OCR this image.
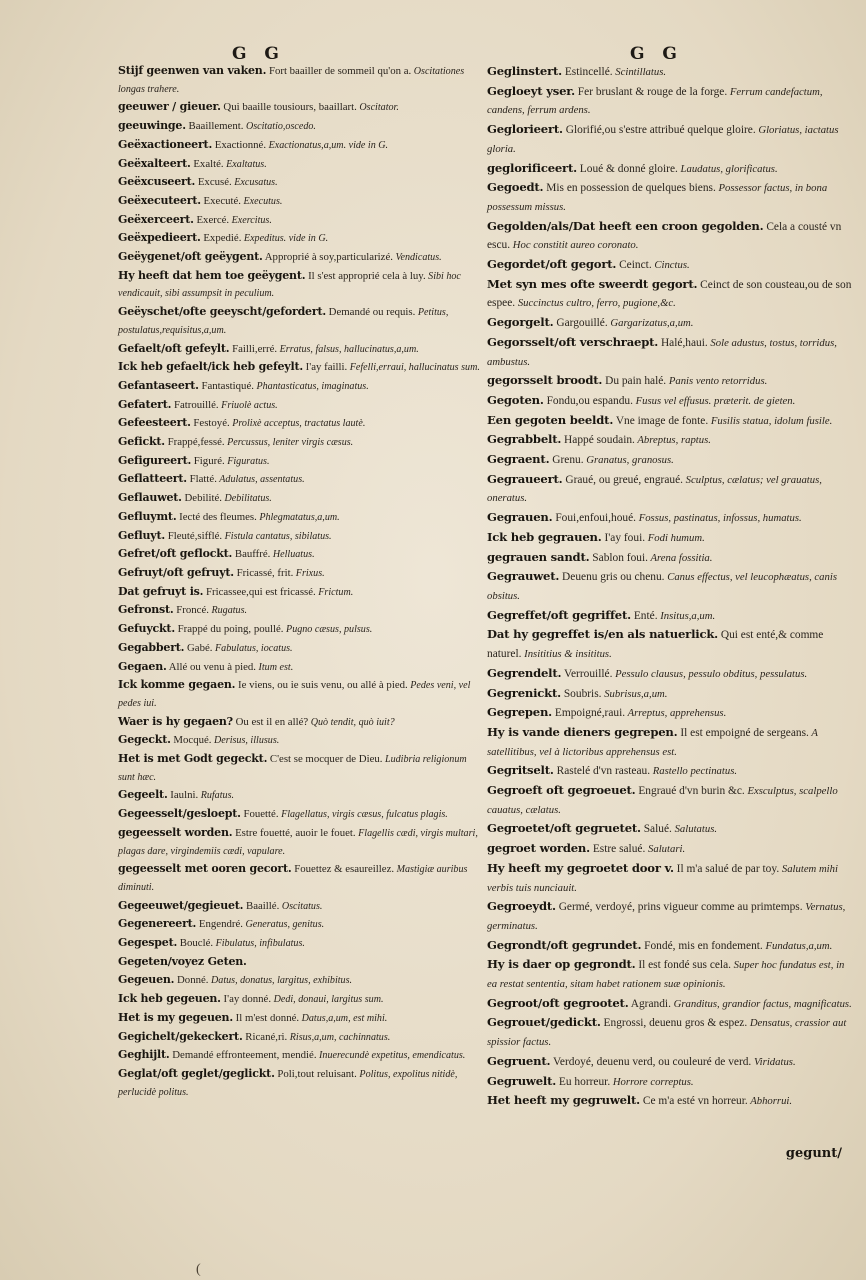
G G	G G
Stijf geenwen van vaken. Fort baailler de sommeil qu'on a. Oscitationes longas trahere.
geeuwer / gieuer. Qui baaille tousiours, baaillart. Oscitator.
geeuwinge. Baaillement. Oscitatio,oscedo.
Geëxactioneert. Exactionné. Exactionatus,a,um. vide in G.
Geëxalteert. Exalté. Exaltatus.
Geëxcuseert. Excusé. Excusatus.
Geëxecuteert. Executé. Executus.
Geëxerceert. Exercé. Exercitus.
Geëxpedieert. Expedié. Expeditus. vide in G.
Geëygenet/oft geëygent. Approprié à soy,particularizé. Vendicatus.
Hy heeft dat hem toe geëygent. Il s'est approprié cela à luy. Sibi hoc vendicauit, sibi assumpsit in peculium.
Geëyschet/ofte geeyscht/gefordert. Demandé ou requis. Petitus, postulatus,requisitus,a,um.
Gefaelt/oft gefeylt. Failli,erré. Erratus, falsus, hallucinatus,a,um.
Ick heb gefaelt/ick heb gefeylt. I'ay failli. Fefelli,erraui, hallucinatus sum.
Gefantaseert. Fantastiqué. Phantasticatus, imaginatus.
Gefatert. Fatrouillé. Friuolè actus.
Gefeesteert. Festoyé. Prolixè acceptus, tractatus lautè.
Gefickt. Frappé,fessé. Percussus, leniter virgis cæsus.
Gefigureert. Figuré. Figuratus.
Geflatteert. Flatté. Adulatus, assentatus.
Geflauwet. Debilité. Debilitatus.
Gefluymt. Iecté des fleumes. Phlegmatatus,a,um.
Gefluyt. Fleuté,sifflé. Fistula cantatus, sibilatus.
Gefret/oft geflockt. Bauffré. Helluatus.
Gefruyt/oft gefruyt. Fricassé, frit. Frixus.
Dat gefruyt is. Fricassee,qui est fricassé. Frictum.
Gefronst. Froncé. Rugatus.
Gefuyckt. Frappé du poing, poullé. Pugno cæsus, pulsus.
Gegabbert. Gabé. Fabulatus, iocatus.
Gegaen. Allé ou venu à pied. Itum est.
Ick komme gegaen. Ie viens, ou ie suis venu, ou allé à pied. Pedes veni, vel pedes iui.
Waer is hy gegaen? Ou est il en allé? Quò tendit, quò iuit?
Gegeckt. Mocqué. Derisus, illusus.
Het is met Godt gegeckt. C'est se mocquer de Dieu. Ludibria religionum sunt hæc.
Gegeelt. Iaulni. Rufatus.
Gegeesselt/gesloept. Fouetté. Flagellatus, virgis cæsus, fulcatus plagis.
gegeesselt worden. Estre fouetté, auoir le fouet. Flagellis cædi, virgis multari, plagas dare, virgindemiis cædi, vapulare.
gegeesselt met ooren gecort. Fouettez & esaureillez. Mastigiæ auribus diminuti.
Gegeeuwet/gegieuet. Baaillé. Oscitatus.
Gegenereert. Engendré. Generatus, genitus.
Gegespet. Bouclé. Fibulatus, infibulatus.
Gegeten/voyez Geten.
Gegeuen. Donné. Datus, donatus, largitus, exhibitus.
Ick heb gegeuen. I'ay donné. Dedi, donaui, largitus sum.
Het is my gegeuen. Il m'est donné. Datus,a,um, est mihi.
Gegichelt/gekeckert. Ricané,ri. Risus,a,um, cachinnatus.
Geghijlt. Demandé effronteement, mendié. Inuerecundè expetitus, emendicatus.
Geglat/oft geglet/geglickt. Poli,tout reluisant. Politus, expolitus nitidè, perlucidè politus.
Geglinstert. Estincellé. Scintillatus.
Gegloeyt yser. Fer bruslant & rouge de la forge. Ferrum candefactum, candens, ferrum ardens.
Geglorieert. Glorifié,ou s'estre attribué quelque gloire. Gloriatus, iactatus gloria.
geglorificeert. Loué & donné gloire. Laudatus, glorificatus.
Gegoedt. Mis en possession de quelques biens. Possessor factus, in bona possessum missus.
Gegolden/als/Dat heeft een croon gegolden. Cela a cousté vn escu. Hoc constitit aureo coronato.
Gegordet/oft gegort. Ceinct. Cinctus.
Met syn mes ofte sweerdt gegort. Ceinct de son cousteau,ou de son espee. Succinctus cultro, ferro, pugione,&c.
Gegorgelt. Gargouillé. Gargarizatus,a,um.
Gegorsselt/oft verschraept. Halé,haui. Sole adustus, tostus, torridus, ambustus.
gegorsselt broodt. Du pain halé. Panis vento retorridus.
Gegoten. Fondu,ou espandu. Fusus vel effusus. præterit. de gieten.
Een gegoten beeldt. Vne image de fonte. Fusilis statua, idolum fusile.
Gegrabbelt. Happé soudain. Abreptus, raptus.
Gegraent. Grenu. Granatus, granosus.
Gegraueert. Graué, ou greué, engraué. Sculptus, cælatus; vel grauatus, oneratus.
Gegrauen. Foui,enfoui,houé. Fossus, pastinatus, infossus, humatus.
Ick heb gegrauen. I'ay foui. Fodi humum.
gegrauen sandt. Sablon foui. Arena fossitia.
Gegrauwet. Deuenu gris ou chenu. Canus effectus, vel leucophæatus, canis obsitus.
Gegreffet/oft gegriffet. Enté. Insitus,a,um.
Dat hy gegreffet is/en als natuerlick. Qui est enté,& comme naturel. Insititius & insititus.
Gegrendelt. Verrouillé. Pessulo clausus, pessulo obditus, pessulatus.
Gegrenickt. Soubris. Subrisus,a,um.
Gegrepen. Empoigné,raui. Arreptus, apprehensus.
Hy is vande dieners gegrepen. Il est empoigné de sergeans. A satellitibus, vel à lictoribus apprehensus est.
Gegritselt. Rastelé d'vn rasteau. Rastello pectinatus.
Gegroeft oft gegroeuet. Engraué d'vn burin &c. Exsculptus, scalpello cauatus, cælatus.
Gegroetet/oft gegruetet. Salué. Salutatus.
gegroet worden. Estre salué. Salutari.
Hy heeft my gegroetet door v. Il m'a salué de par toy. Salutem mihi verbis tuis nunciauit.
Gegroeydt. Germé, verdoyé, prins vigueur comme au primtemps. Vernatus, germinatus.
Gegrondt/oft gegrundet. Fondé, mis en fondement. Fundatus,a,um.
Hy is daer op gegrondt. Il est fondé sus cela. Super hoc fundatus est, in ea restat sententia, sitam habet rationem suæ opinionis.
Gegroot/oft gegrootet. Agrandi. Granditus, grandior factus, magnificatus.
Gegrouet/gedickt. Engrossi, deuenu gros & espez. Densatus, crassior aut spissior factus.
Gegruent. Verdoyé, deuenu verd, ou couleuré de verd. Viridatus.
Gegruwelt. Eu horreur. Horrore correptus.
Het heeft my gegruwelt. Ce m'a esté vn horreur. Abhorrui.
gegunt/
(
